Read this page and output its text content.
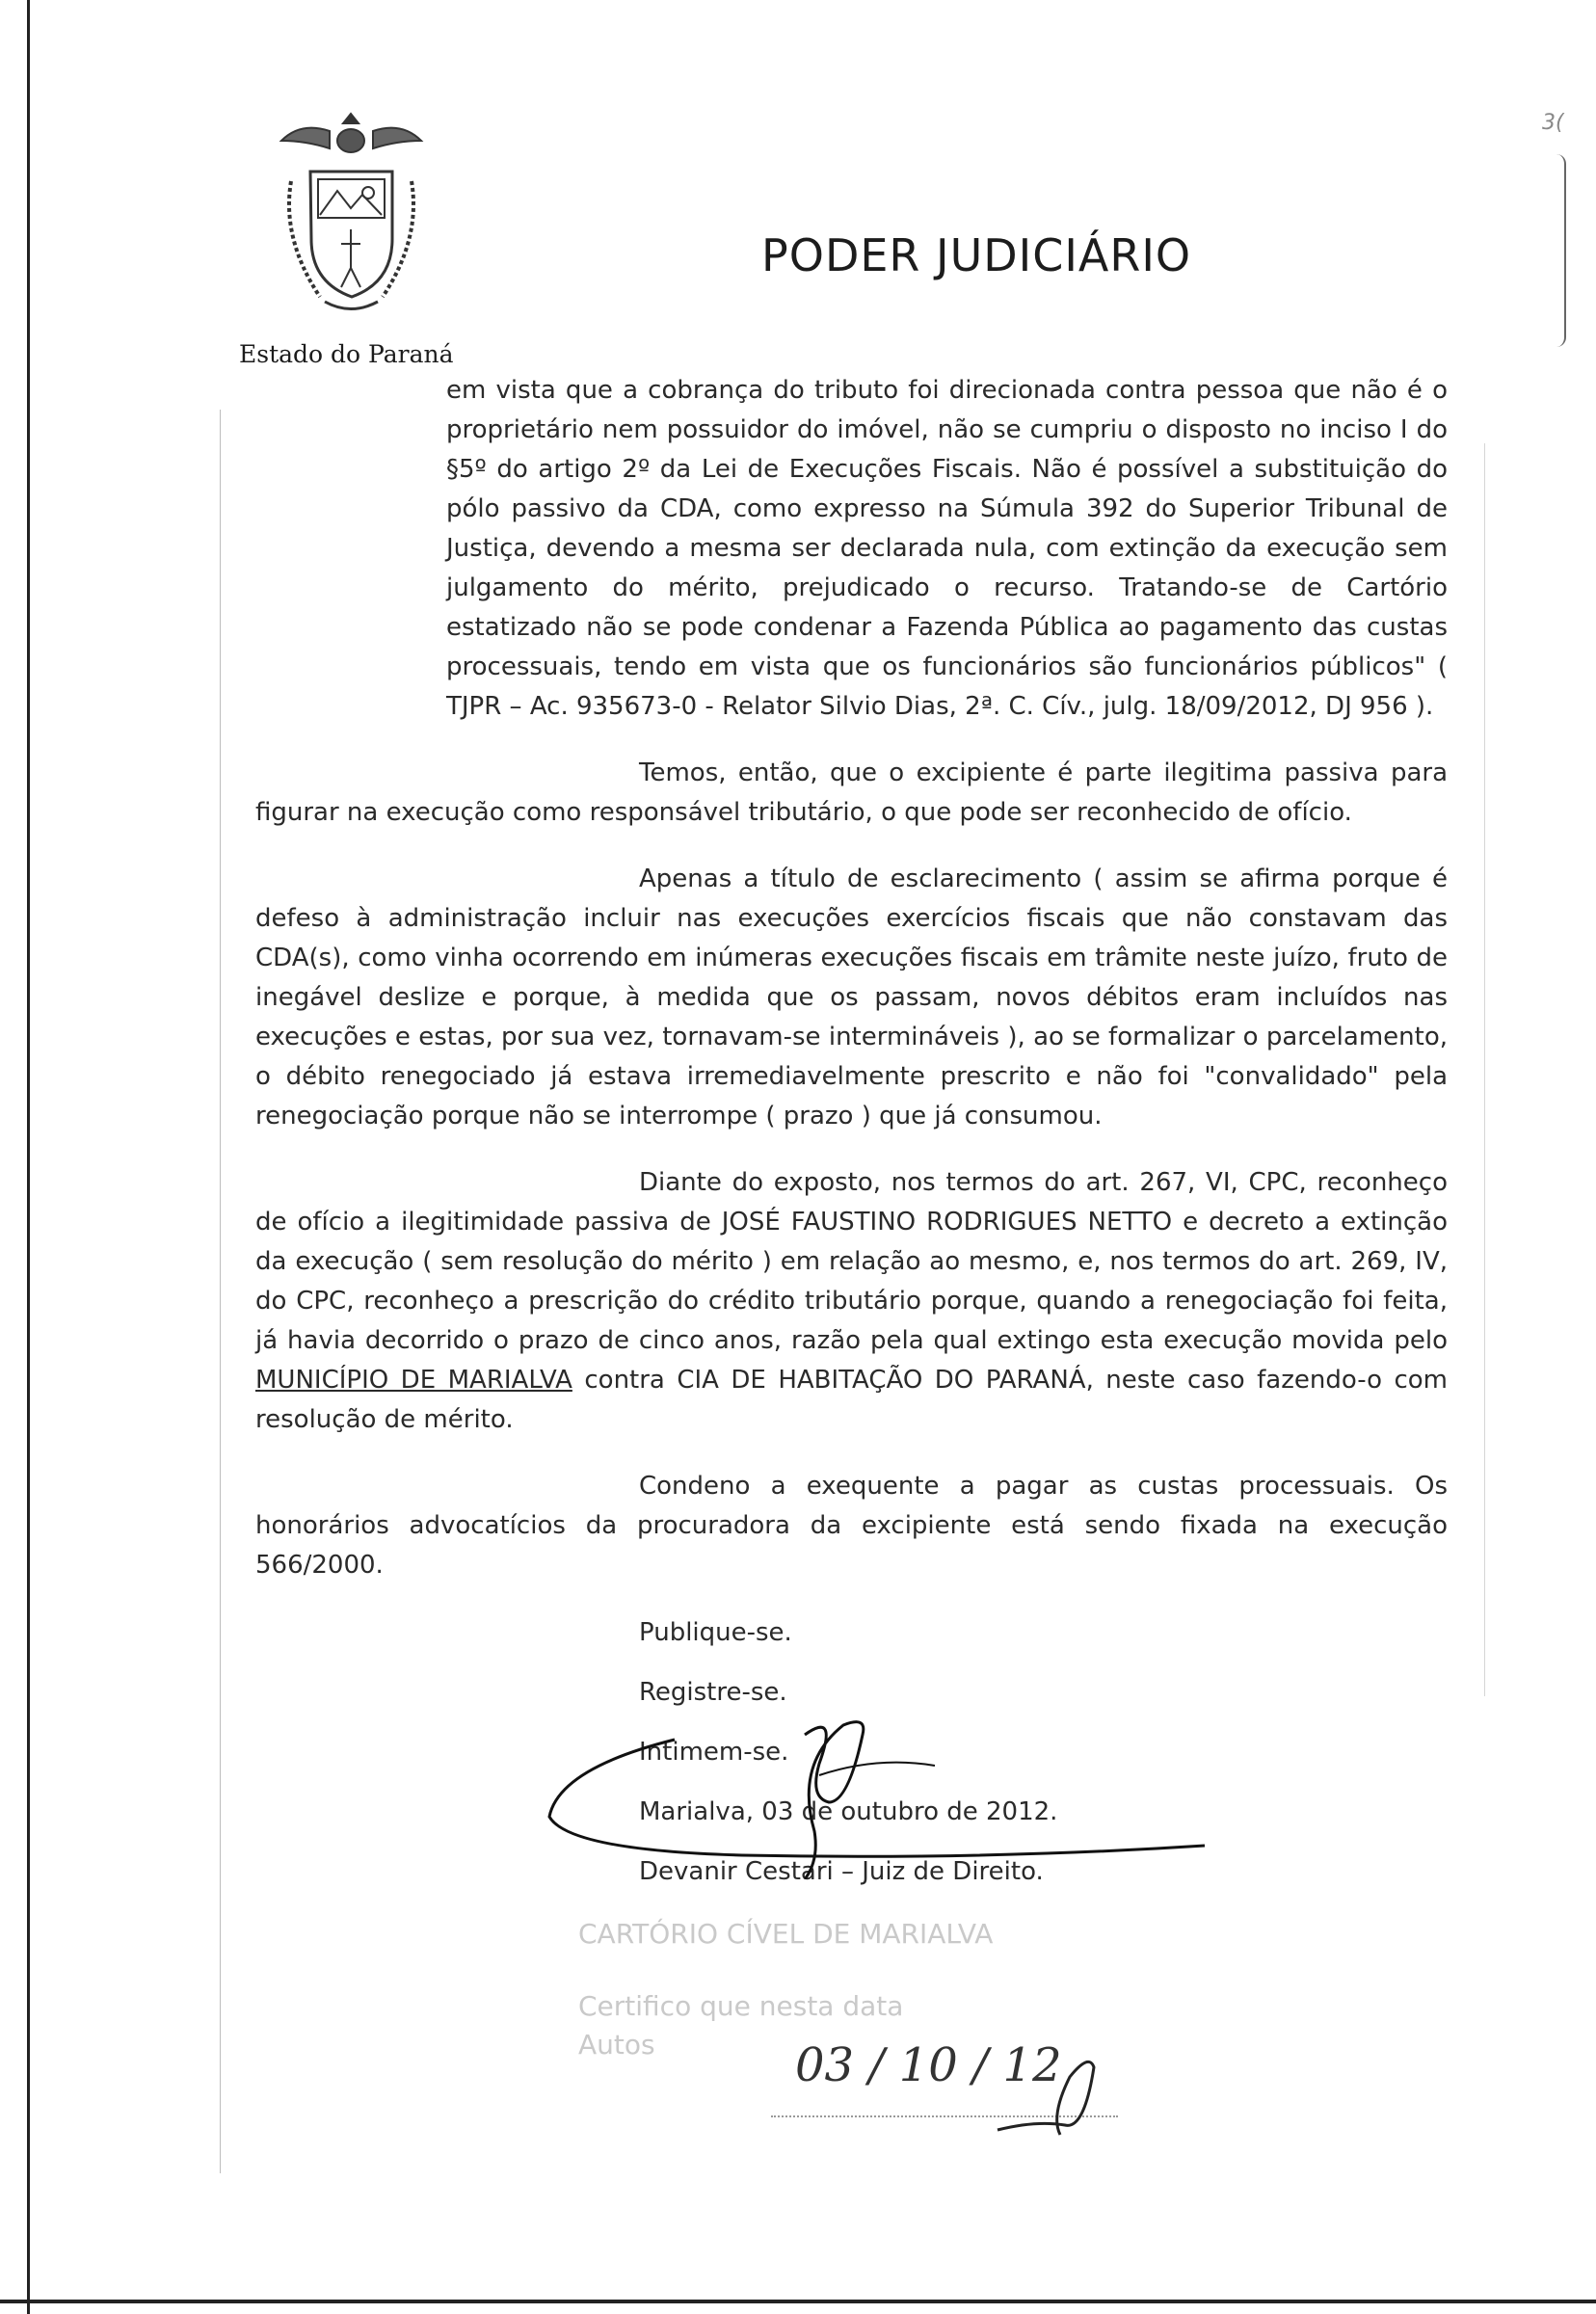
3(
PODER JUDICIÁRIO
Estado do Paraná

em vista que a cobrança do tributo foi direcionada contra pessoa que não é o proprietário nem possuidor do imóvel, não se cumpriu o disposto no inciso I do §5º do artigo 2º da Lei de Execuções Fiscais. Não é possível a substituição do pólo passivo da CDA, como expresso na Súmula 392 do Superior Tribunal de Justiça, devendo a mesma ser declarada nula, com extinção da execução sem julgamento do mérito, prejudicado o recurso. Tratando-se de Cartório estatizado não se pode condenar a Fazenda Pública ao pagamento das custas processuais, tendo em vista que os funcionários são funcionários públicos" ( TJPR – Ac. 935673-0 - Relator Silvio Dias, 2ª. C. Cív., julg. 18/09/2012, DJ 956 ).

Temos, então, que o excipiente é parte ilegitima passiva para figurar na execução como responsável tributário, o que pode ser reconhecido de ofício.

Apenas a título de esclarecimento ( assim se afirma porque é defeso à administração incluir nas execuções exercícios fiscais que não constavam das CDA(s), como vinha ocorrendo em inúmeras execuções fiscais em trâmite neste juízo, fruto de inegável deslize e porque, à medida que os passam, novos débitos eram incluídos nas execuções e estas, por sua vez, tornavam-se intermináveis ), ao se formalizar o parcelamento, o débito renegociado já estava irremediavelmente prescrito e não foi "convalidado" pela renegociação porque não se interrompe ( prazo ) que já consumou.

Diante do exposto, nos termos do art. 267, VI, CPC, reconheço de ofício a ilegitimidade passiva de JOSÉ FAUSTINO RODRIGUES NETTO e decreto a extinção da execução ( sem resolução do mérito ) em relação ao mesmo, e, nos termos do art. 269, IV, do CPC, reconheço a prescrição do crédito tributário porque, quando a renegociação foi feita, já havia decorrido o prazo de cinco anos, razão pela qual extingo esta execução movida pelo MUNICÍPIO DE MARIALVA contra CIA DE HABITAÇÃO DO PARANÁ, neste caso fazendo-o com resolução de mérito.

Condeno a exequente a pagar as custas processuais. Os honorários advocatícios da procuradora da excipiente está sendo fixada na execução 566/2000.

Publique-se.
Registre-se.
Intimem-se.
Marialva, 03 de outubro de 2012.
Devanir Cestari – Juiz de Direito.
CARTÓRIO CÍVEL DE MARIALVA
Certifico que nesta data
Autos	03 / 10 / 12
